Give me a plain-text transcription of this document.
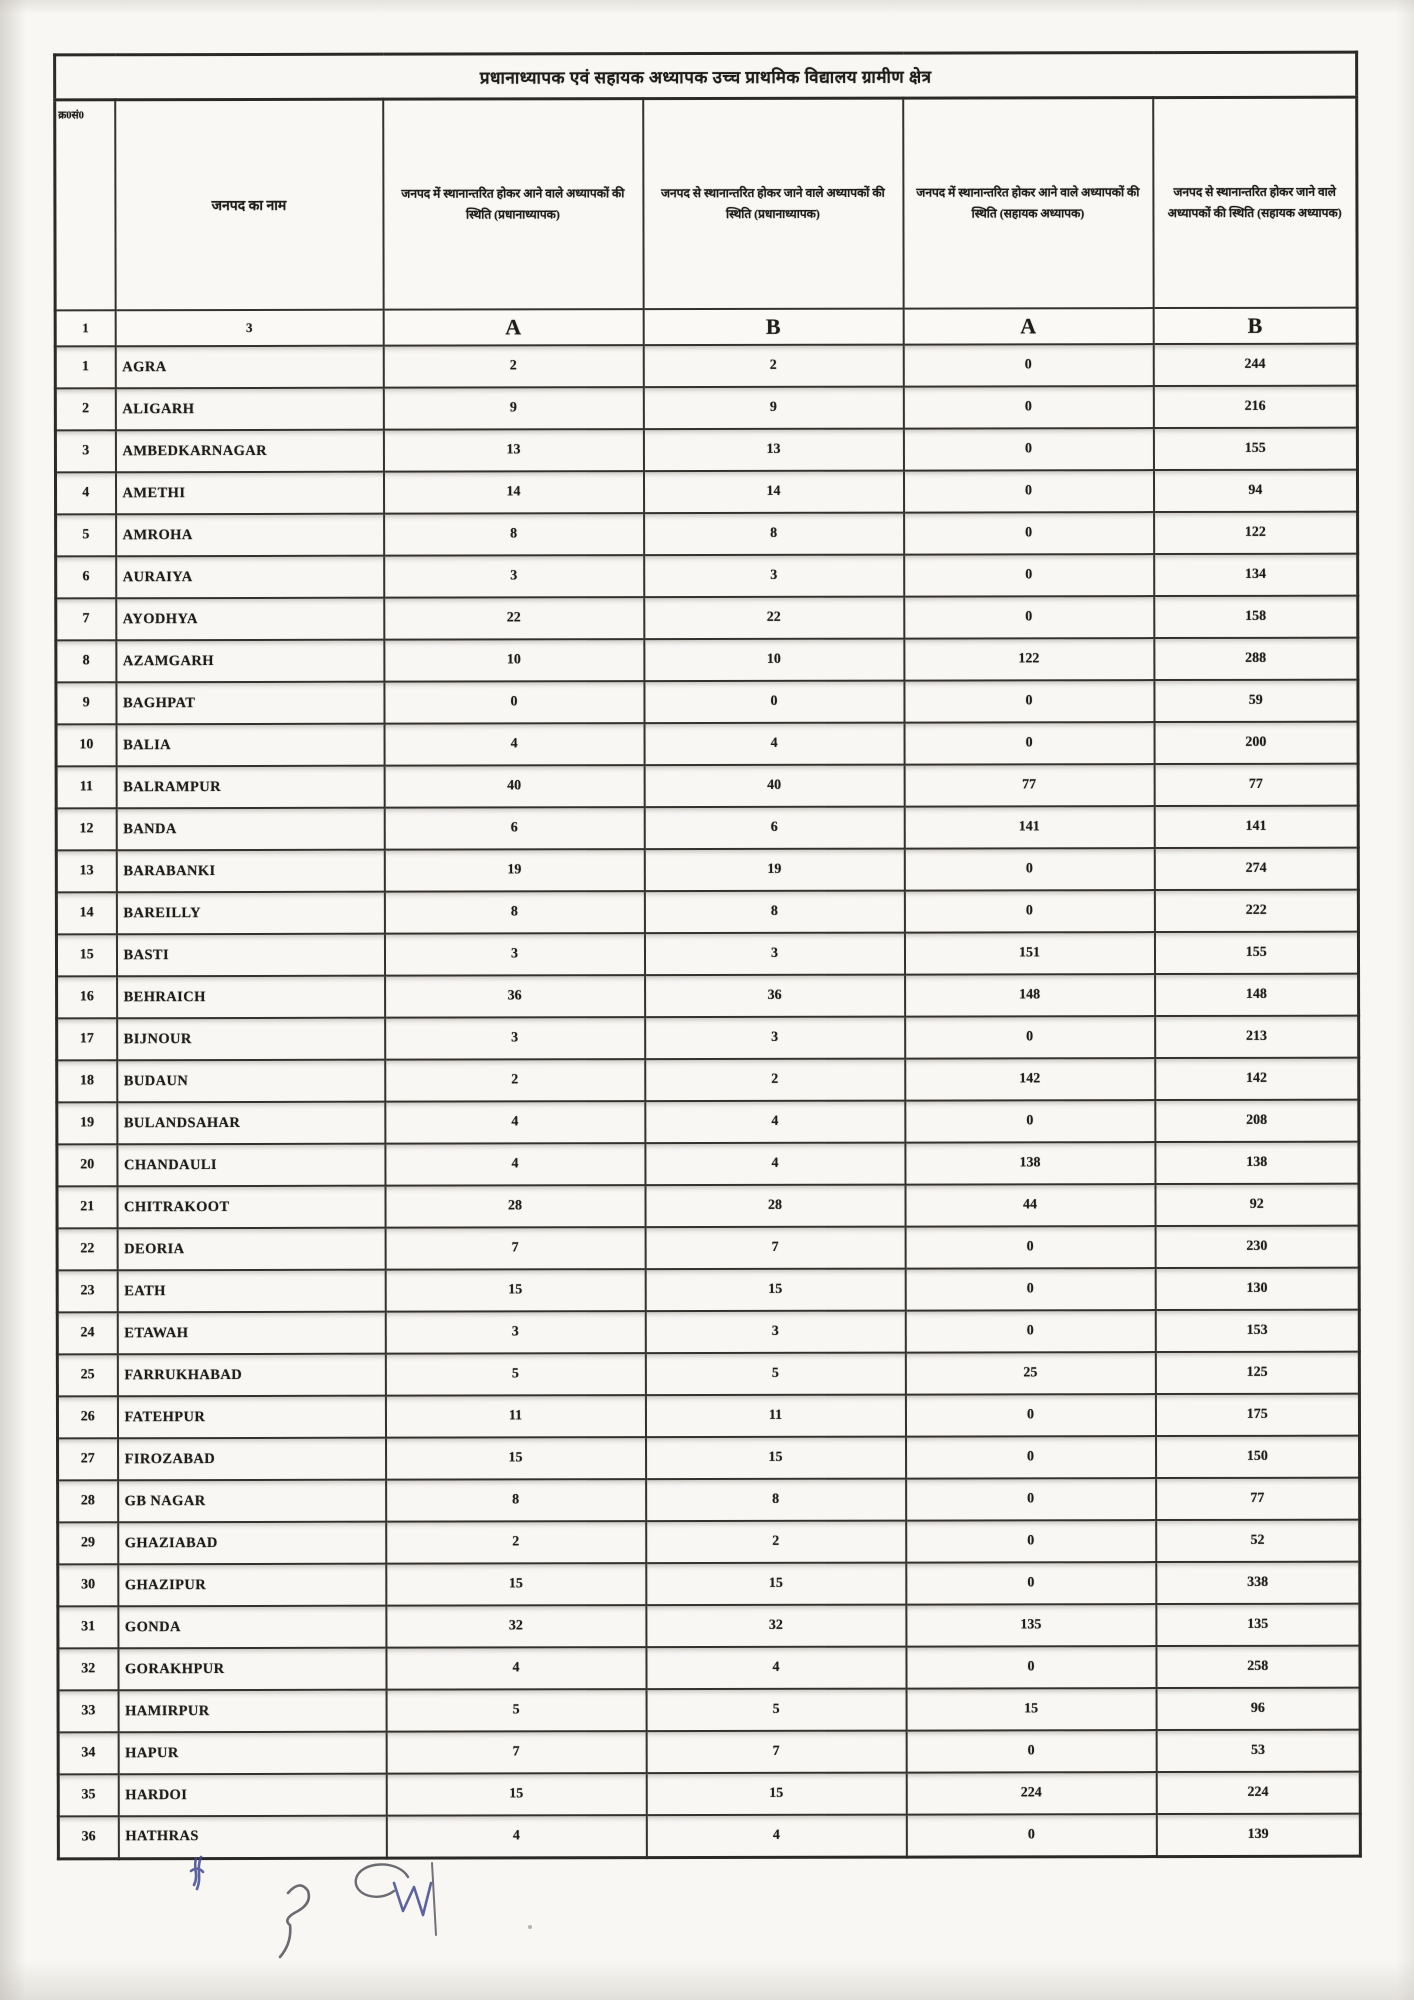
प्रधानाध्यापक एवं सहायक अध्यापक उच्च प्राथमिक विद्यालय ग्रामीण क्षेत्र					
क्र0सं0	जनपद का नाम	जनपद में स्थानान्तरित होकर आने वाले अध्यापकों की स्थिति (प्रधानाध्यापक)	जनपद से स्थानान्तरित होकर जाने वाले अध्यापकों की स्थिति (प्रधानाध्यापक)	जनपद में स्थानान्तरित होकर आने वाले अध्यापकों की स्थिति (सहायक अध्यापक)	जनपद से स्थानान्तरित होकर जाने वाले अध्यापकों की स्थिति (सहायक अध्यापक)

1	3	A	B	A	B

1	AGRA	2	2	0	244
2	ALIGARH	9	9	0	216
3	AMBEDKARNAGAR	13	13	0	155
4	AMETHI	14	14	0	94
5	AMROHA	8	8	0	122
6	AURAIYA	3	3	0	134
7	AYODHYA	22	22	0	158
8	AZAMGARH	10	10	122	288
9	BAGHPAT	0	0	0	59
10	BALIA	4	4	0	200
11	BALRAMPUR	40	40	77	77
12	BANDA	6	6	141	141
13	BARABANKI	19	19	0	274
14	BAREILLY	8	8	0	222
15	BASTI	3	3	151	155
16	BEHRAICH	36	36	148	148
17	BIJNOUR	3	3	0	213
18	BUDAUN	2	2	142	142
19	BULANDSAHAR	4	4	0	208
20	CHANDAULI	4	4	138	138
21	CHITRAKOOT	28	28	44	92
22	DEORIA	7	7	0	230
23	EATH	15	15	0	130
24	ETAWAH	3	3	0	153
25	FARRUKHABAD	5	5	25	125
26	FATEHPUR	11	11	0	175
27	FIROZABAD	15	15	0	150
28	GB NAGAR	8	8	0	77
29	GHAZIABAD	2	2	0	52
30	GHAZIPUR	15	15	0	338
31	GONDA	32	32	135	135
32	GORAKHPUR	4	4	0	258
33	HAMIRPUR	5	5	15	96
34	HAPUR	7	7	0	53
35	HARDOI	15	15	224	224
36	HATHRAS	4	4	0	139
